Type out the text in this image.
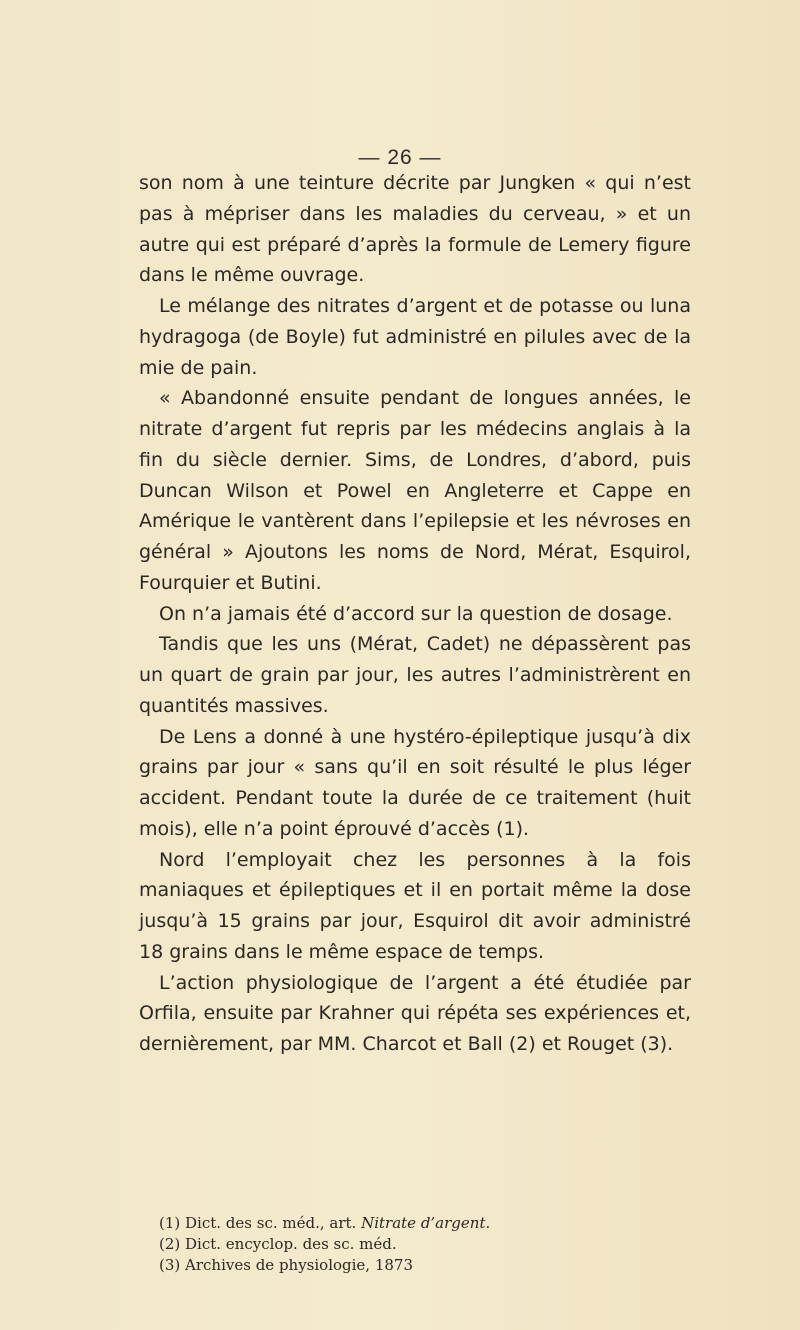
— 26 —

son nom à une teinture décrite par Jungken « qui n’est pas à mépriser dans les maladies du cerveau, » et un autre qui est préparé d’après la formule de Lemery figure dans le même ouvrage.

Le mélange des nitrates d’argent et de potasse ou luna hydragoga (de Boyle) fut administré en pilules avec de la mie de pain.

« Abandonné ensuite pendant de longues années, le nitrate d’argent fut repris par les médecins anglais à la fin du siècle dernier. Sims, de Londres, d’abord, puis Duncan Wilson et Powel en Angleterre et Cappe en Amérique le vantèrent dans l’epilepsie et les névroses en général » Ajoutons les noms de Nord, Mérat, Esquirol, Fourquier et Butini.

On n’a jamais été d’accord sur la question de dosage.

Tandis que les uns (Mérat, Cadet) ne dépassèrent pas un quart de grain par jour, les autres l’administrèrent en quantités massives.

De Lens a donné à une hystéro-épileptique jusqu’à dix grains par jour « sans qu’il en soit résulté le plus léger accident. Pendant toute la durée de ce traitement (huit mois), elle n’a point éprouvé d’accès (1).

Nord l’employait chez les personnes à la fois maniaques et épileptiques et il en portait même la dose jusqu’à 15 grains par jour, Esquirol dit avoir administré 18 grains dans le même espace de temps.

L’action physiologique de l’argent a été étudiée par Orfila, ensuite par Krahner qui répéta ses expériences et, dernièrement, par MM. Charcot et Ball (2) et Rouget (3).

(1) Dict. des sc. méd., art. Nitrate d’argent.
(2) Dict. encyclop. des sc. méd.
(3) Archives de physiologie, 1873
